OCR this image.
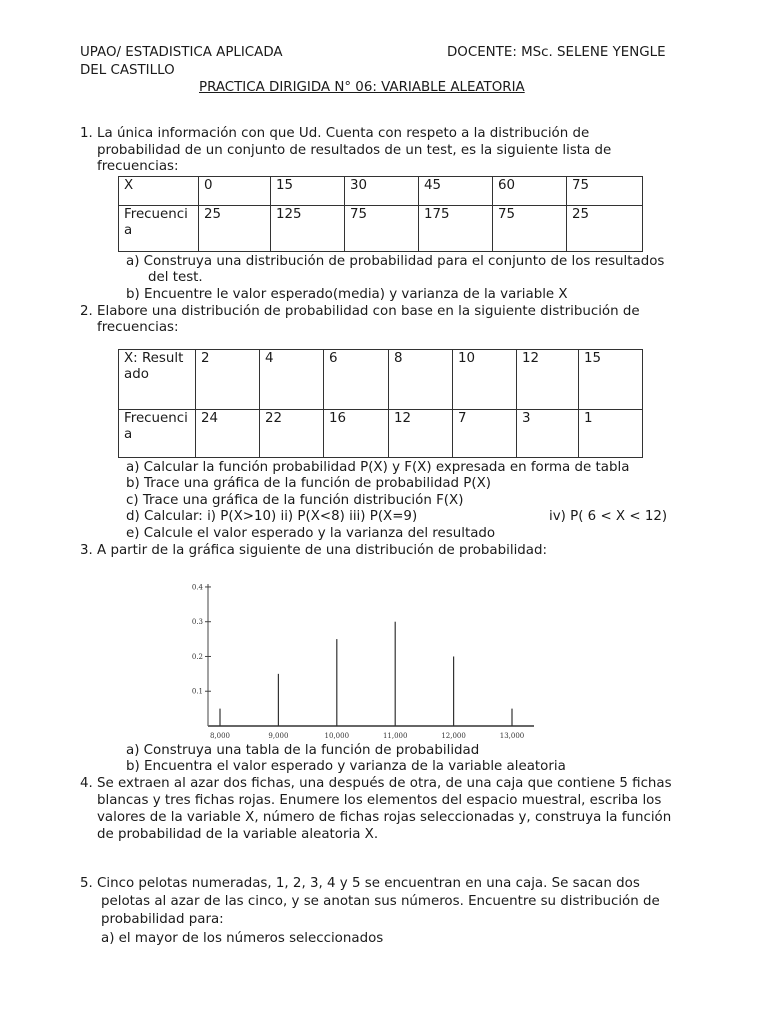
UPAO/ ESTADISTICA APLICADA	DOCENTE: MSc. SELENE YENGLE
DEL CASTILLO
PRACTICA DIRIGIDA N° 06: VARIABLE ALEATORIA
1. La única información con que Ud. Cuenta con respeto a la distribución de
probabilidad de un conjunto de resultados de un test, es la siguiente lista de
frecuencias:
X	0	15	30	45	60	75
Frecuencia	25	125	75	175	75	25
a) Construya una distribución de probabilidad para el conjunto de los resultados
del test.
b) Encuentre le valor esperado(media) y varianza de la variable X
2. Elabore una distribución de probabilidad con base en la siguiente distribución de
frecuencias:
X: Resultado	2	4	6	8	10	12	15
Frecuencia	24	22	16	12	7	3	1
a) Calcular la función probabilidad P(X) y F(X) expresada en forma de tabla
b) Trace una gráfica de la función de probabilidad P(X)
c) Trace una gráfica de la función distribución F(X)
d) Calcular: i) P(X>10) ii) P(X<8) iii) P(X=9)	iv) P( 6 < X < 12)
e) Calcule el valor esperado y la varianza del resultado
3. A partir de la gráfica siguiente de una distribución de probabilidad:
0.1
0.2
0.3
0.4
8,000	9,000	10,000	11,000	12,000	13,000
a) Construya una tabla de la función de probabilidad
b) Encuentra el valor esperado y varianza de la variable aleatoria
4. Se extraen al azar dos fichas, una después de otra, de una caja que contiene 5 fichas
blancas y tres fichas rojas. Enumere los elementos del espacio muestral, escriba los
valores de la variable X, número de fichas rojas seleccionadas y, construya la función
de probabilidad de la variable aleatoria X.
5. Cinco pelotas numeradas, 1, 2, 3, 4 y 5 se encuentran en una caja. Se sacan dos
pelotas al azar de las cinco, y se anotan sus números. Encuentre su distribución de
probabilidad para:
a) el mayor de los números seleccionados
